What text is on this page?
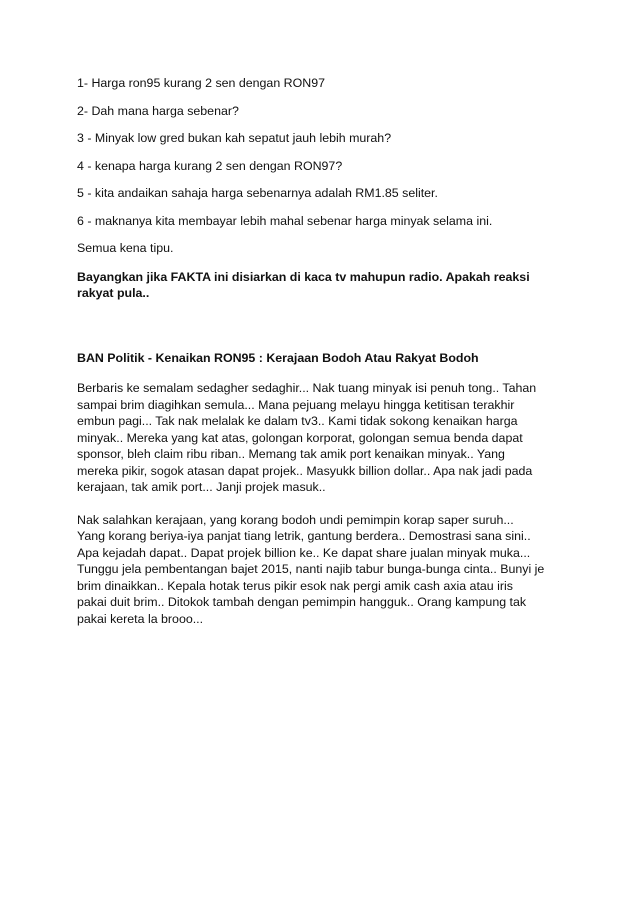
1- Harga ron95 kurang 2 sen dengan RON97

2- Dah mana harga sebenar?

3 - Minyak low gred bukan kah sepatut jauh lebih murah?

4 - kenapa harga kurang 2 sen dengan RON97?

5 - kita andaikan sahaja harga sebenarnya adalah RM1.85 seliter.

6 - maknanya kita membayar lebih mahal sebenar harga minyak selama ini.

Semua kena tipu.

Bayangkan jika FAKTA ini disiarkan di kaca tv mahupun radio. Apakah reaksi
rakyat pula..

BAN Politik - Kenaikan RON95 : Kerajaan Bodoh Atau Rakyat Bodoh

Berbaris ke semalam sedagher sedaghir... Nak tuang minyak isi penuh tong.. Tahan
sampai brim diagihkan semula... Mana pejuang melayu hingga ketitisan terakhir
embun pagi... Tak nak melalak ke dalam tv3.. Kami tidak sokong kenaikan harga
minyak.. Mereka yang kat atas, golongan korporat, golongan semua benda dapat
sponsor, bleh claim ribu riban.. Memang tak amik port kenaikan minyak.. Yang
mereka pikir, sogok atasan dapat projek.. Masyukk billion dollar.. Apa nak jadi pada
kerajaan, tak amik port... Janji projek masuk..

Nak salahkan kerajaan, yang korang bodoh undi pemimpin korap saper suruh...
Yang korang beriya-iya panjat tiang letrik, gantung berdera.. Demostrasi sana sini..
Apa kejadah dapat.. Dapat projek billion ke.. Ke dapat share jualan minyak muka...
Tunggu jela pembentangan bajet 2015, nanti najib tabur bunga-bunga cinta.. Bunyi je
brim dinaikkan.. Kepala hotak terus pikir esok nak pergi amik cash axia atau iris
pakai duit brim.. Ditokok tambah dengan pemimpin hangguk.. Orang kampung tak
pakai kereta la brooo...
